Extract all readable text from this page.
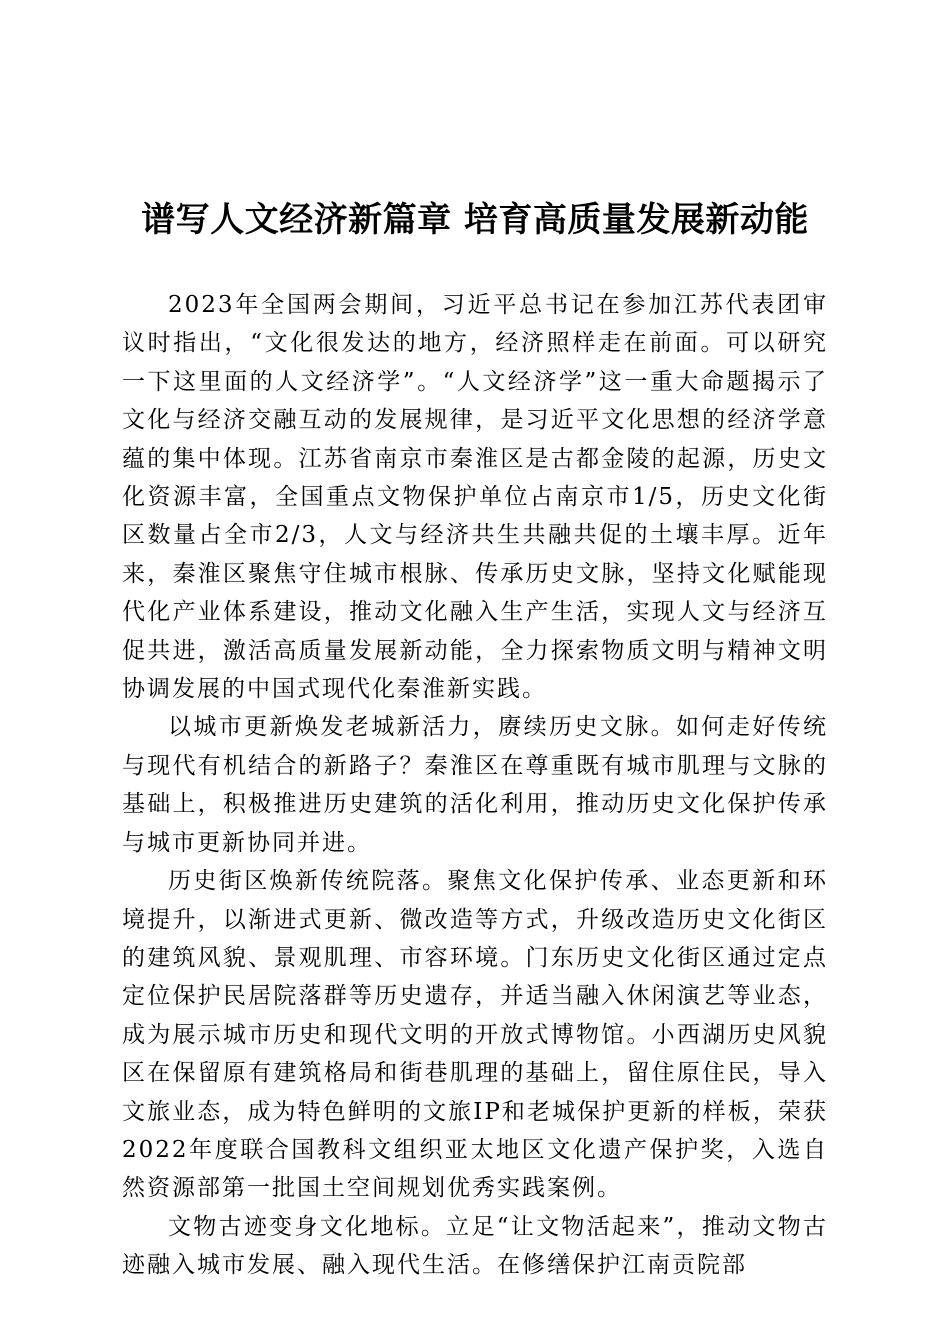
谱写人文经济新篇章 培育高质量发展新动能

2023年全国两会期间，习近平总书记在参加江苏代表团审议时指出，“文化很发达的地方，经济照样走在前面。可以研究一下这里面的人文经济学”。“人文经济学”这一重大命题揭示了文化与经济交融互动的发展规律，是习近平文化思想的经济学意蕴的集中体现。江苏省南京市秦淮区是古都金陵的起源，历史文化资源丰富，全国重点文物保护单位占南京市1/5，历史文化街区数量占全市2/3，人文与经济共生共融共促的土壤丰厚。近年来，秦淮区聚焦守住城市根脉、传承历史文脉，坚持文化赋能现代化产业体系建设，推动文化融入生产生活，实现人文与经济互促共进，激活高质量发展新动能，全力探索物质文明与精神文明协调发展的中国式现代化秦淮新实践。

以城市更新焕发老城新活力，赓续历史文脉。如何走好传统与现代有机结合的新路子？秦淮区在尊重既有城市肌理与文脉的基础上，积极推进历史建筑的活化利用，推动历史文化保护传承与城市更新协同并进。

历史街区焕新传统院落。聚焦文化保护传承、业态更新和环境提升，以渐进式更新、微改造等方式，升级改造历史文化街区的建筑风貌、景观肌理、市容环境。门东历史文化街区通过定点定位保护民居院落群等历史遗存，并适当融入休闲演艺等业态，成为展示城市历史和现代文明的开放式博物馆。小西湖历史风貌区在保留原有建筑格局和街巷肌理的基础上，留住原住民，导入文旅业态，成为特色鲜明的文旅IP和老城保护更新的样板，荣获2022年度联合国教科文组织亚太地区文化遗产保护奖，入选自然资源部第一批国土空间规划优秀实践案例。

文物古迹变身文化地标。立足“让文物活起来”，推动文物古迹融入城市发展、融入现代生活。在修缮保护江南贡院部
